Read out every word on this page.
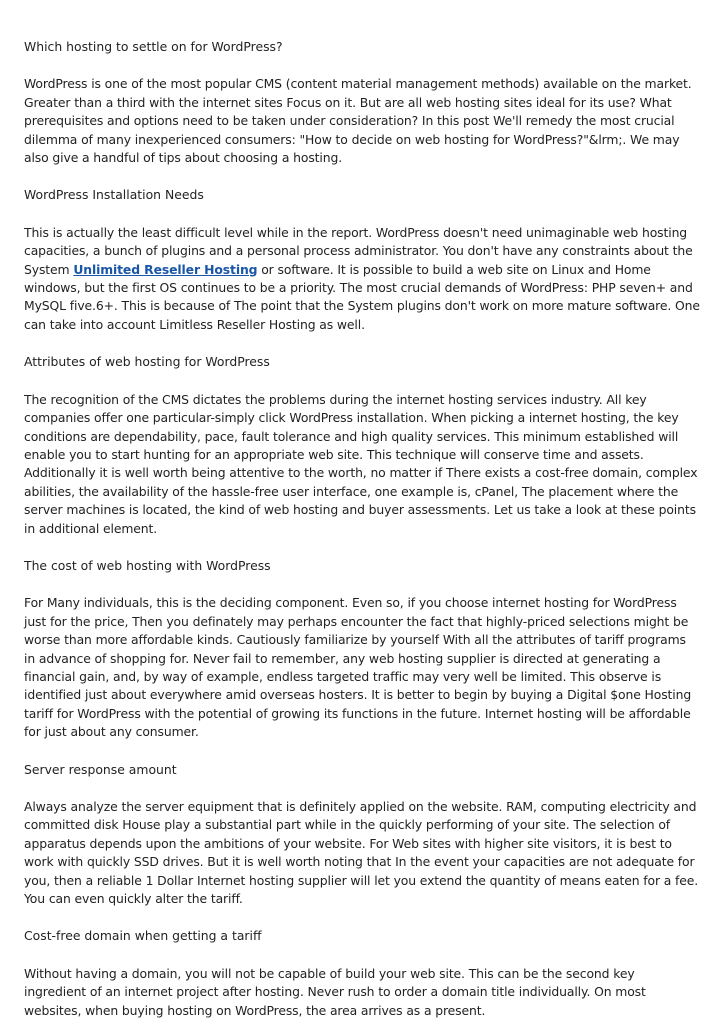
Which hosting to settle on for WordPress?
WordPress is one of the most popular CMS (content material management methods) available on the market. Greater than a third with the internet sites Focus on it. But are all web hosting sites ideal for its use? What prerequisites and options need to be taken under consideration? In this post We'll remedy the most crucial dilemma of many inexperienced consumers: "How to decide on web hosting for WordPress?"&lrm;. We may also give a handful of tips about choosing a hosting.
WordPress Installation Needs
This is actually the least difficult level while in the report. WordPress doesn't need unimaginable web hosting capacities, a bunch of plugins and a personal process administrator. You don't have any constraints about the System Unlimited Reseller Hosting or software. It is possible to build a web site on Linux and Home windows, but the first OS continues to be a priority. The most crucial demands of WordPress: PHP seven+ and MySQL five.6+. This is because of The point that the System plugins don't work on more mature software. One can take into account Limitless Reseller Hosting as well.
Attributes of web hosting for WordPress
The recognition of the CMS dictates the problems during the internet hosting services industry. All key companies offer one particular-simply click WordPress installation. When picking a internet hosting, the key conditions are dependability, pace, fault tolerance and high quality services. This minimum established will enable you to start hunting for an appropriate web site. This technique will conserve time and assets. Additionally it is well worth being attentive to the worth, no matter if There exists a cost-free domain, complex abilities, the availability of the hassle-free user interface, one example is, cPanel, The placement where the server machines is located, the kind of web hosting and buyer assessments. Let us take a look at these points in additional element.
The cost of web hosting with WordPress
For Many individuals, this is the deciding component. Even so, if you choose internet hosting for WordPress just for the price, Then you definately may perhaps encounter the fact that highly-priced selections might be worse than more affordable kinds. Cautiously familiarize by yourself With all the attributes of tariff programs in advance of shopping for. Never fail to remember, any web hosting supplier is directed at generating a financial gain, and, by way of example, endless targeted traffic may very well be limited. This observe is identified just about everywhere amid overseas hosters. It is better to begin by buying a Digital $one Hosting tariff for WordPress with the potential of growing its functions in the future. Internet hosting will be affordable for just about any consumer.
Server response amount
Always analyze the server equipment that is definitely applied on the website. RAM, computing electricity and committed disk House play a substantial part while in the quickly performing of your site. The selection of apparatus depends upon the ambitions of your website. For Web sites with higher site visitors, it is best to work with quickly SSD drives. But it is well worth noting that In the event your capacities are not adequate for you, then a reliable 1 Dollar Internet hosting supplier will let you extend the quantity of means eaten for a fee. You can even quickly alter the tariff.
Cost-free domain when getting a tariff
Without having a domain, you will not be capable of build your web site. This can be the second key ingredient of an internet project after hosting. Never rush to order a domain title individually. On most websites, when buying hosting on WordPress, the area arrives as a present.
